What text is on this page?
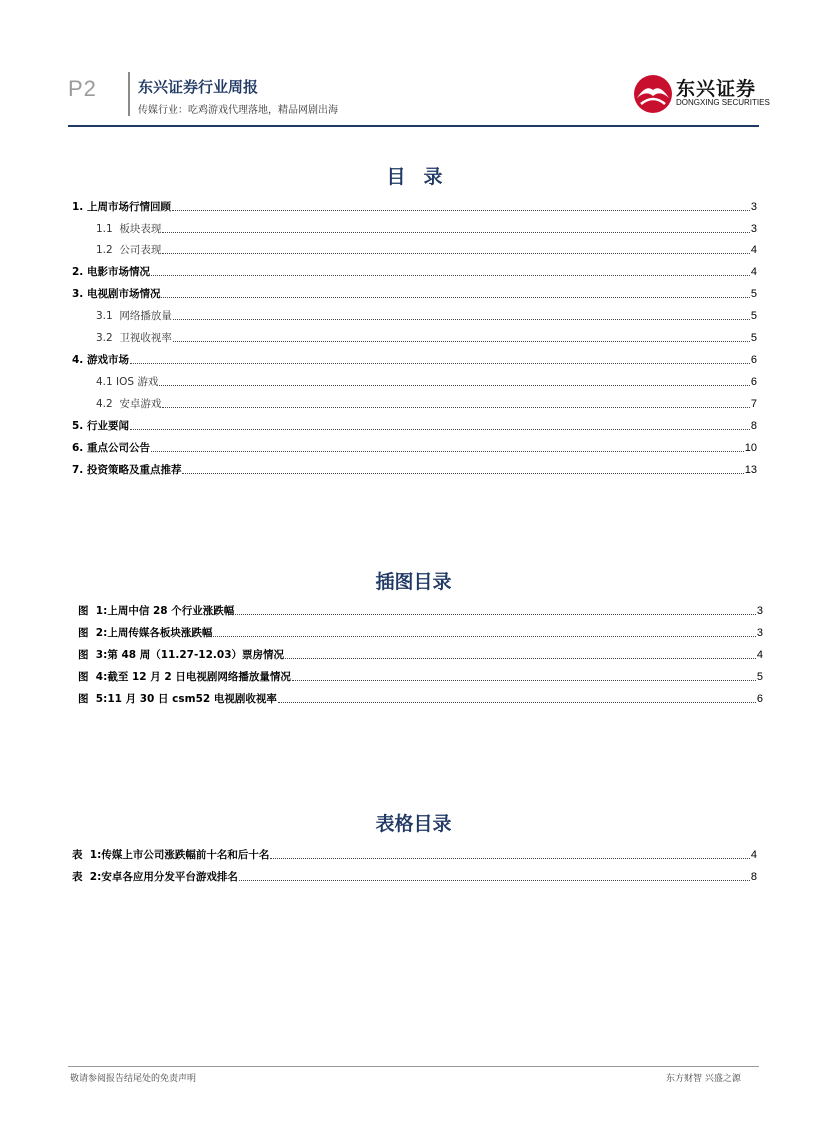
P2	东兴证券行业周报
传媒行业：吃鸡游戏代理落地，精品网剧出海
东兴证券
DONGXING SECURITIES
目录
1. 上周市场行情回顾	3
1.1  板块表现	3
1.2  公司表现	4
2. 电影市场情况	4
3. 电视剧市场情况	5
3.1  网络播放量	5
3.2  卫视收视率	5
4. 游戏市场	6
4.1 IOS 游戏	6
4.2  安卓游戏	7
5. 行业要闻	8
6. 重点公司公告	10
7. 投资策略及重点推荐	13
插图目录
图  1:上周中信 28 个行业涨跌幅	3
图  2:上周传媒各板块涨跌幅	3
图  3:第 48 周（11.27-12.03）票房情况	4
图  4:截至 12 月 2 日电视剧网络播放量情况	5
图  5:11 月 30 日 csm52 电视剧收视率	6
表格目录
表  1:传媒上市公司涨跌幅前十名和后十名	4
表  2:安卓各应用分发平台游戏排名	8
敬请参阅报告结尾处的免责声明	东方财智 兴盛之源
